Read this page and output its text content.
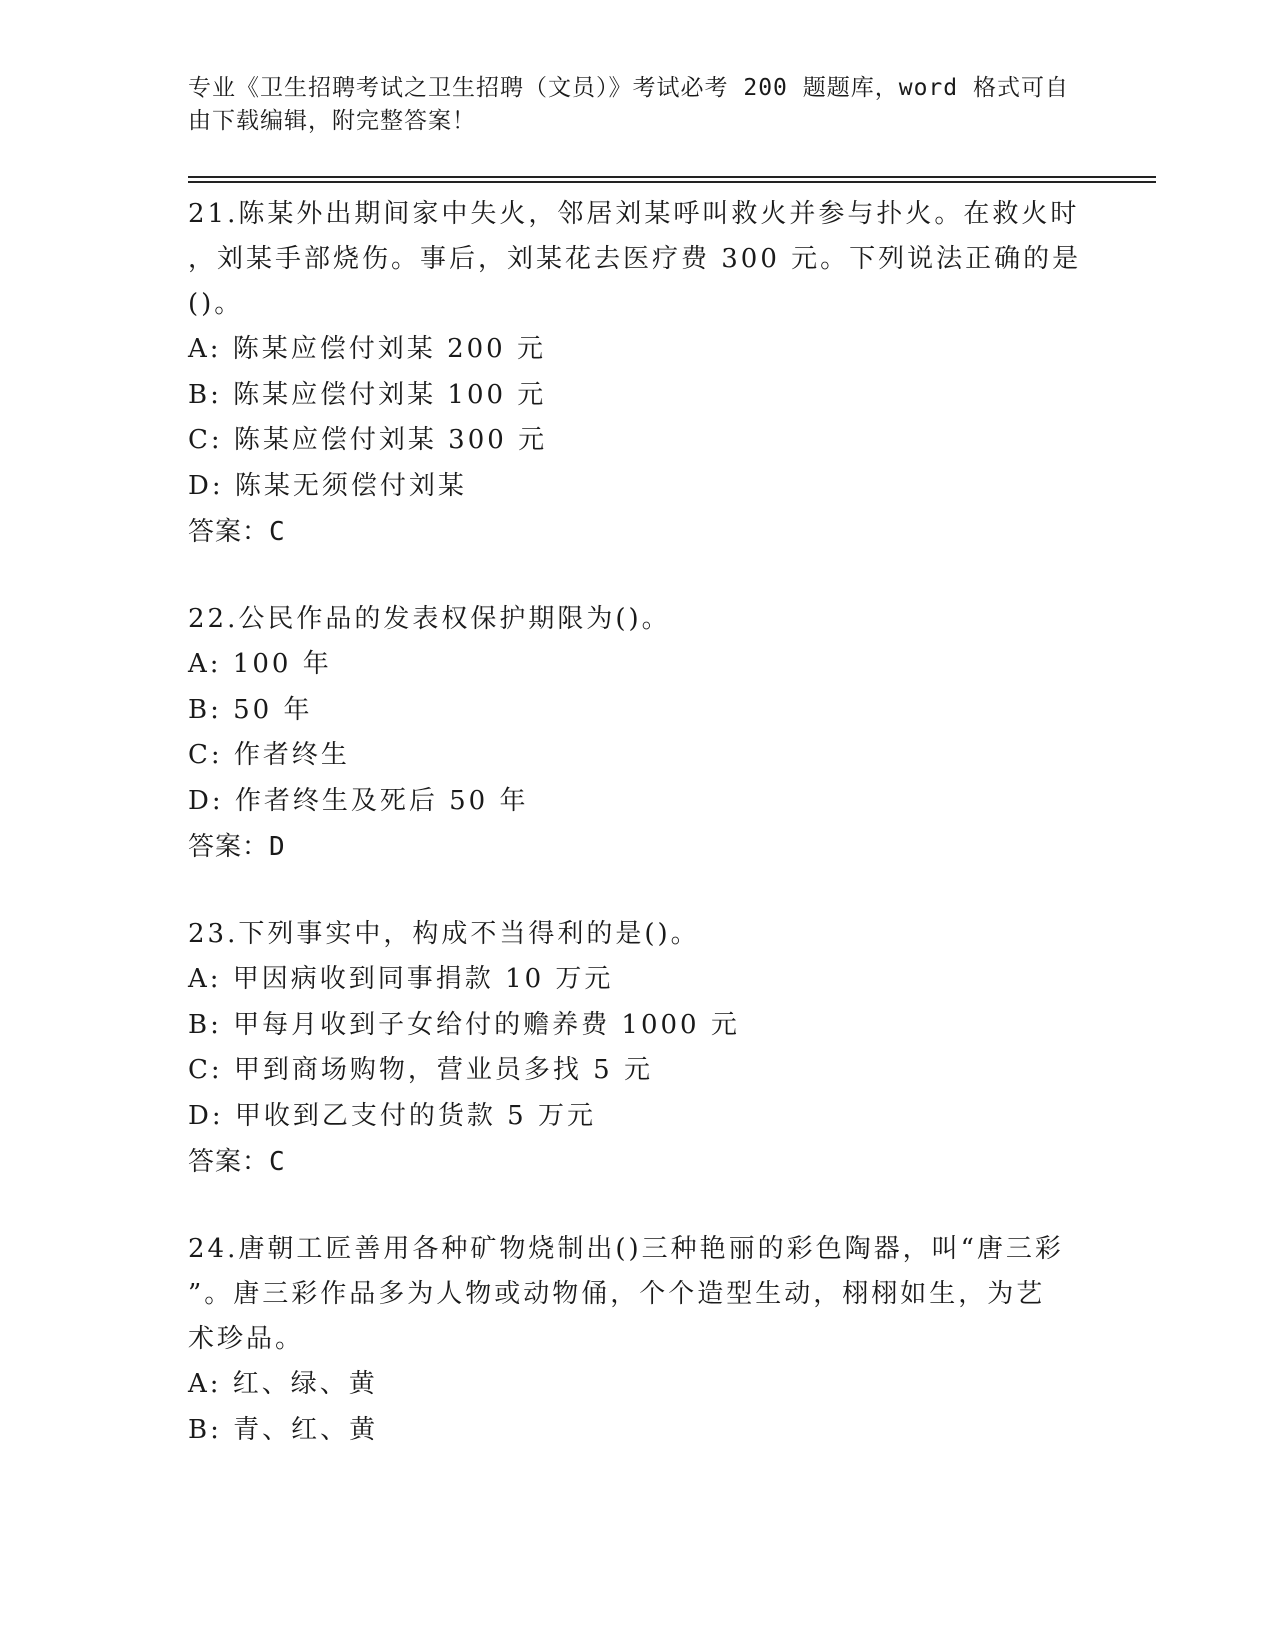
专业《卫生招聘考试之卫生招聘（文员）》考试必考 200 题题库，word 格式可自
由下载编辑，附完整答案！

21.陈某外出期间家中失火，邻居刘某呼叫救火并参与扑火。在救火时

，刘某手部烧伤。事后，刘某花去医疗费 300 元。下列说法正确的是

()。

A: 陈某应偿付刘某 200 元

B: 陈某应偿付刘某 100 元

C: 陈某应偿付刘某 300 元

D: 陈某无须偿付刘某

答案：C

22.公民作品的发表权保护期限为()。

A: 100 年

B: 50 年

C: 作者终生

D: 作者终生及死后 50 年

答案：D

23.下列事实中，构成不当得利的是()。

A: 甲因病收到同事捐款 10 万元

B: 甲每月收到子女给付的赡养费 1000 元

C: 甲到商场购物，营业员多找 5 元

D: 甲收到乙支付的货款 5 万元

答案：C

24.唐朝工匠善用各种矿物烧制出()三种艳丽的彩色陶器，叫“唐三彩

”。唐三彩作品多为人物或动物俑，个个造型生动，栩栩如生，为艺

术珍品。

A: 红、绿、黄

B: 青、红、黄
